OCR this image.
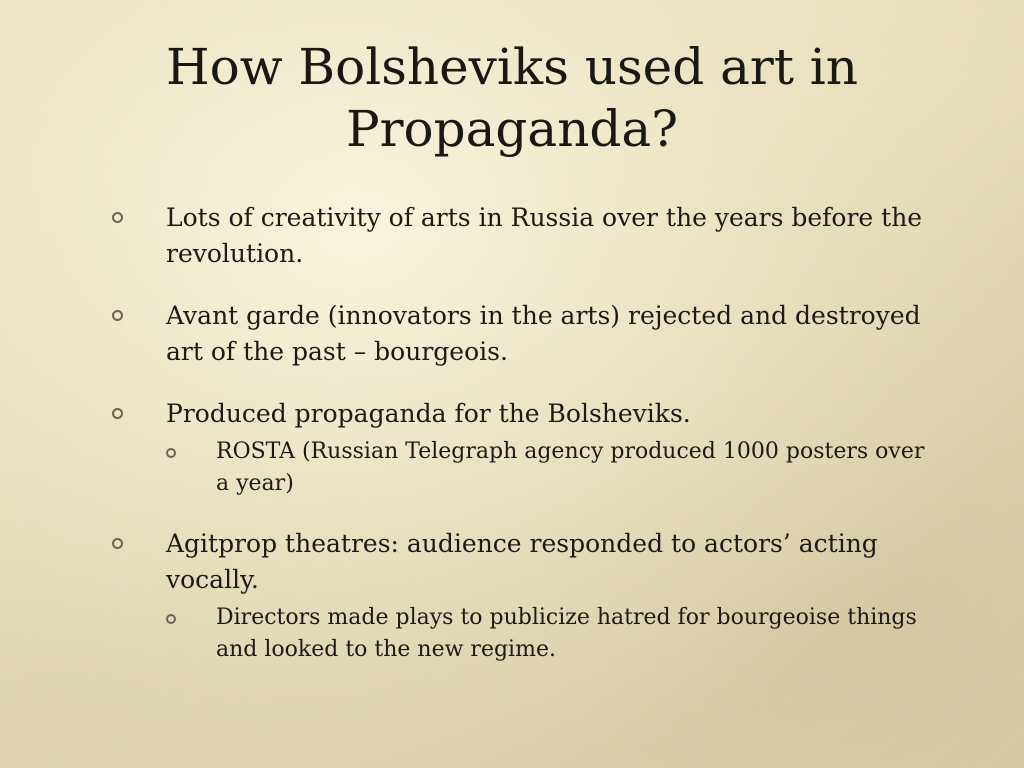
How Bolsheviks used art in
Propaganda?
Lots of creativity of arts in Russia over the years before the revolution.
Avant garde (innovators in the arts) rejected and destroyed art of the past – bourgeois.
Produced propaganda for the Bolsheviks.
ROSTA (Russian Telegraph agency produced 1000 posters over a year)
Agitprop theatres: audience responded to actors’ acting vocally.
Directors made plays to publicize hatred for bourgeoise things and looked to the new regime.
